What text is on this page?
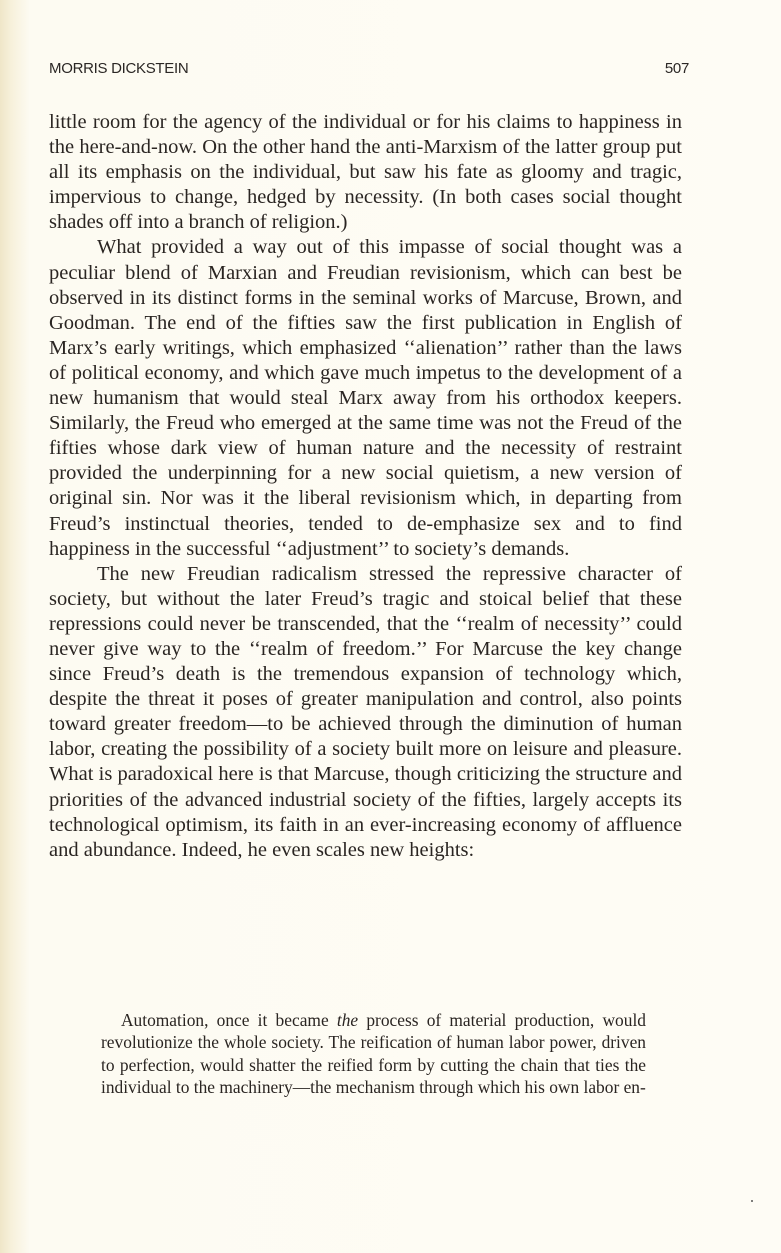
MORRIS DICKSTEIN	507

little room for the agency of the individual or for his claims to happiness in the here-and-now. On the other hand the anti-Marxism of the latter group put all its emphasis on the individual, but saw his fate as gloomy and tragic, impervious to change, hedged by necessity. (In both cases social thought shades off into a branch of religion.)

What provided a way out of this impasse of social thought was a peculiar blend of Marxian and Freudian revisionism, which can best be observed in its distinct forms in the seminal works of Marcuse, Brown, and Goodman. The end of the fifties saw the first publication in English of Marx’s early writings, which emphasized ‘‘alienation’’ rather than the laws of political economy, and which gave much impetus to the development of a new humanism that would steal Marx away from his orthodox keepers. Similarly, the Freud who emerged at the same time was not the Freud of the fifties whose dark view of human nature and the necessity of restraint provided the underpinning for a new social quietism, a new version of original sin. Nor was it the liberal revisionism which, in departing from Freud’s instinctual theories, tended to de-emphasize sex and to find happiness in the successful ‘‘adjustment’’ to society’s demands.

The new Freudian radicalism stressed the repressive character of society, but without the later Freud’s tragic and stoical belief that these repressions could never be transcended, that the ‘‘realm of necessity’’ could never give way to the ‘‘realm of freedom.’’ For Marcuse the key change since Freud’s death is the tremendous expansion of technology which, despite the threat it poses of greater manipulation and control, also points toward greater freedom—to be achieved through the diminution of human labor, creating the possibility of a society built more on leisure and pleasure. What is paradoxical here is that Marcuse, though criticizing the structure and priorities of the advanced industrial society of the fifties, largely accepts its technological optimism, its faith in an ever-increasing economy of affluence and abundance. Indeed, he even scales new heights:

Automation, once it became the process of material production, would revolutionize the whole society. The reification of human labor power, driven to perfection, would shatter the reified form by cutting the chain that ties the individual to the machinery—the mechanism through which his own labor en-
